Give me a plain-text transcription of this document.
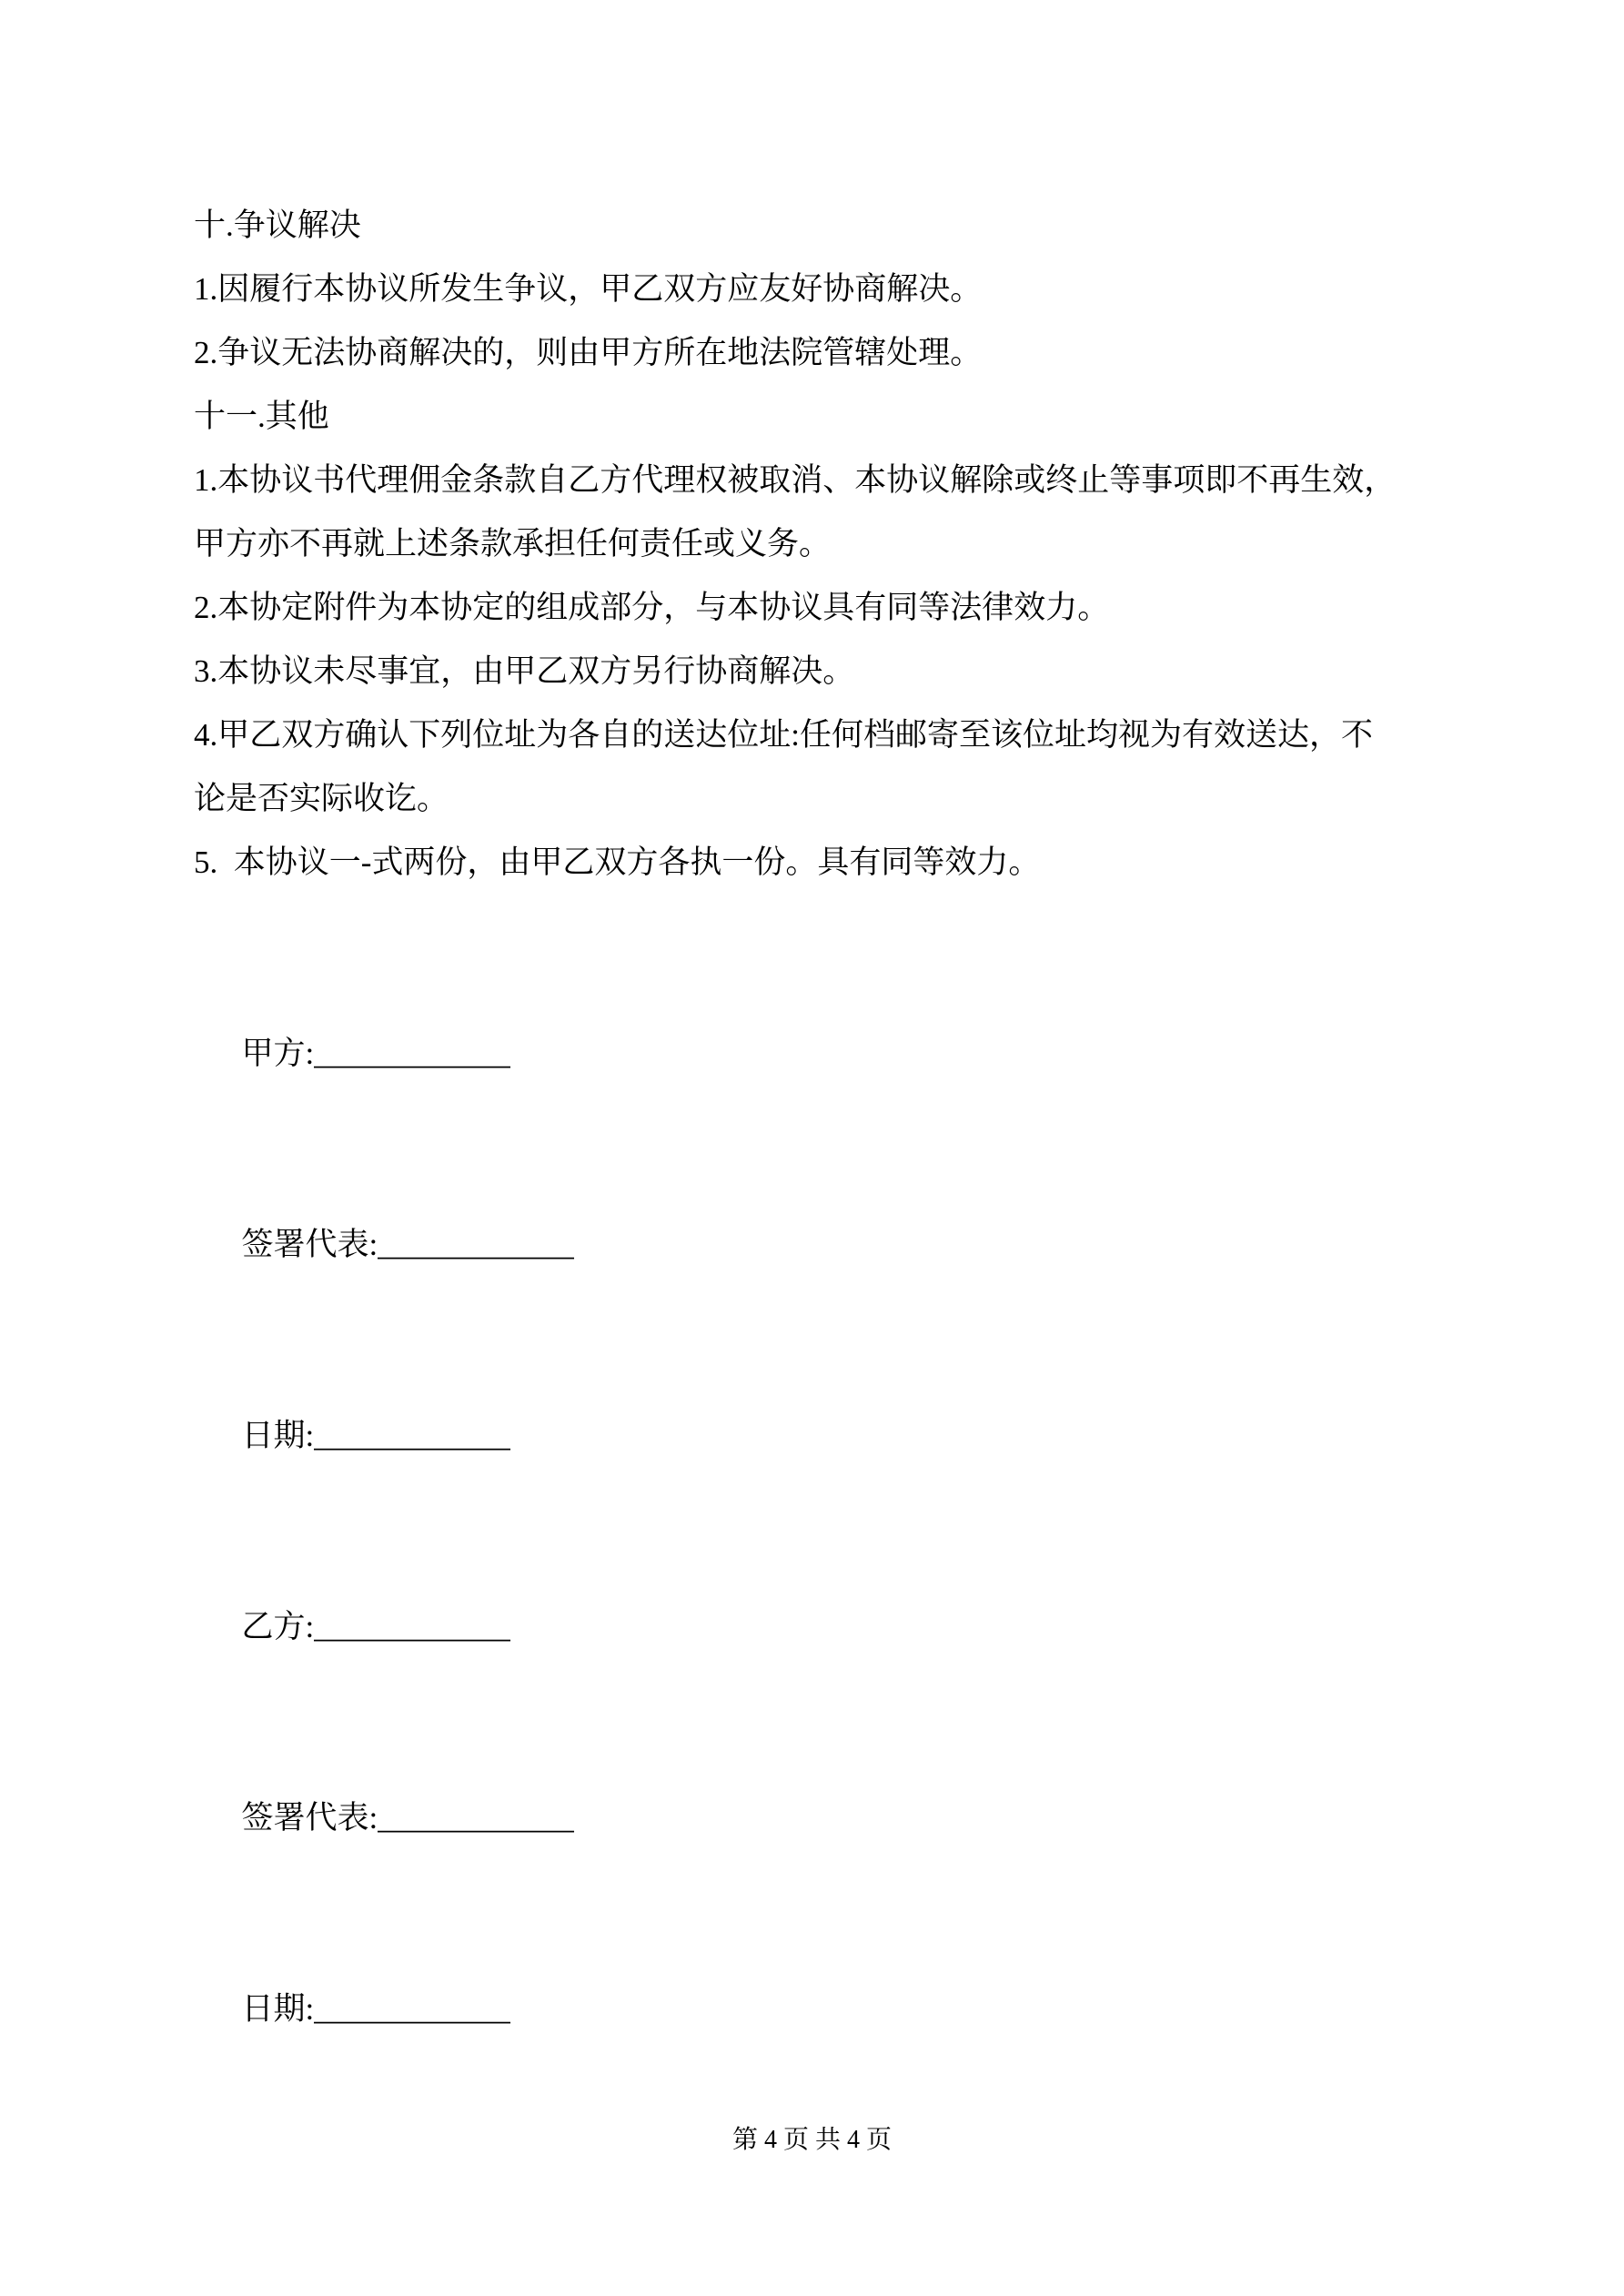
十.争议解决
1.因履行本协议所发生争议，甲乙双方应友好协商解决。
2.争议无法协商解决的，则由甲方所在地法院管辖处理。
十一.其他
1.本协议书代理佣金条款自乙方代理权被取消、本协议解除或终止等事项即不再生效，
甲方亦不再就上述条款承担任何责任或义务。
2.本协定附件为本协定的组成部分，与本协议具有同等法律效力。
3.本协议未尽事宜，由甲乙双方另行协商解决。
4.甲乙双方确认下列位址为各自的送达位址:任何档邮寄至该位址均视为有效送达，不
论是否实际收讫。
5.  本协议一-式两份，由甲乙双方各执一份。具有同等效力。

甲方:____________

签署代表:____________

日期:____________

乙方:____________

签署代表:____________

日期:____________

第 4 页 共 4 页
